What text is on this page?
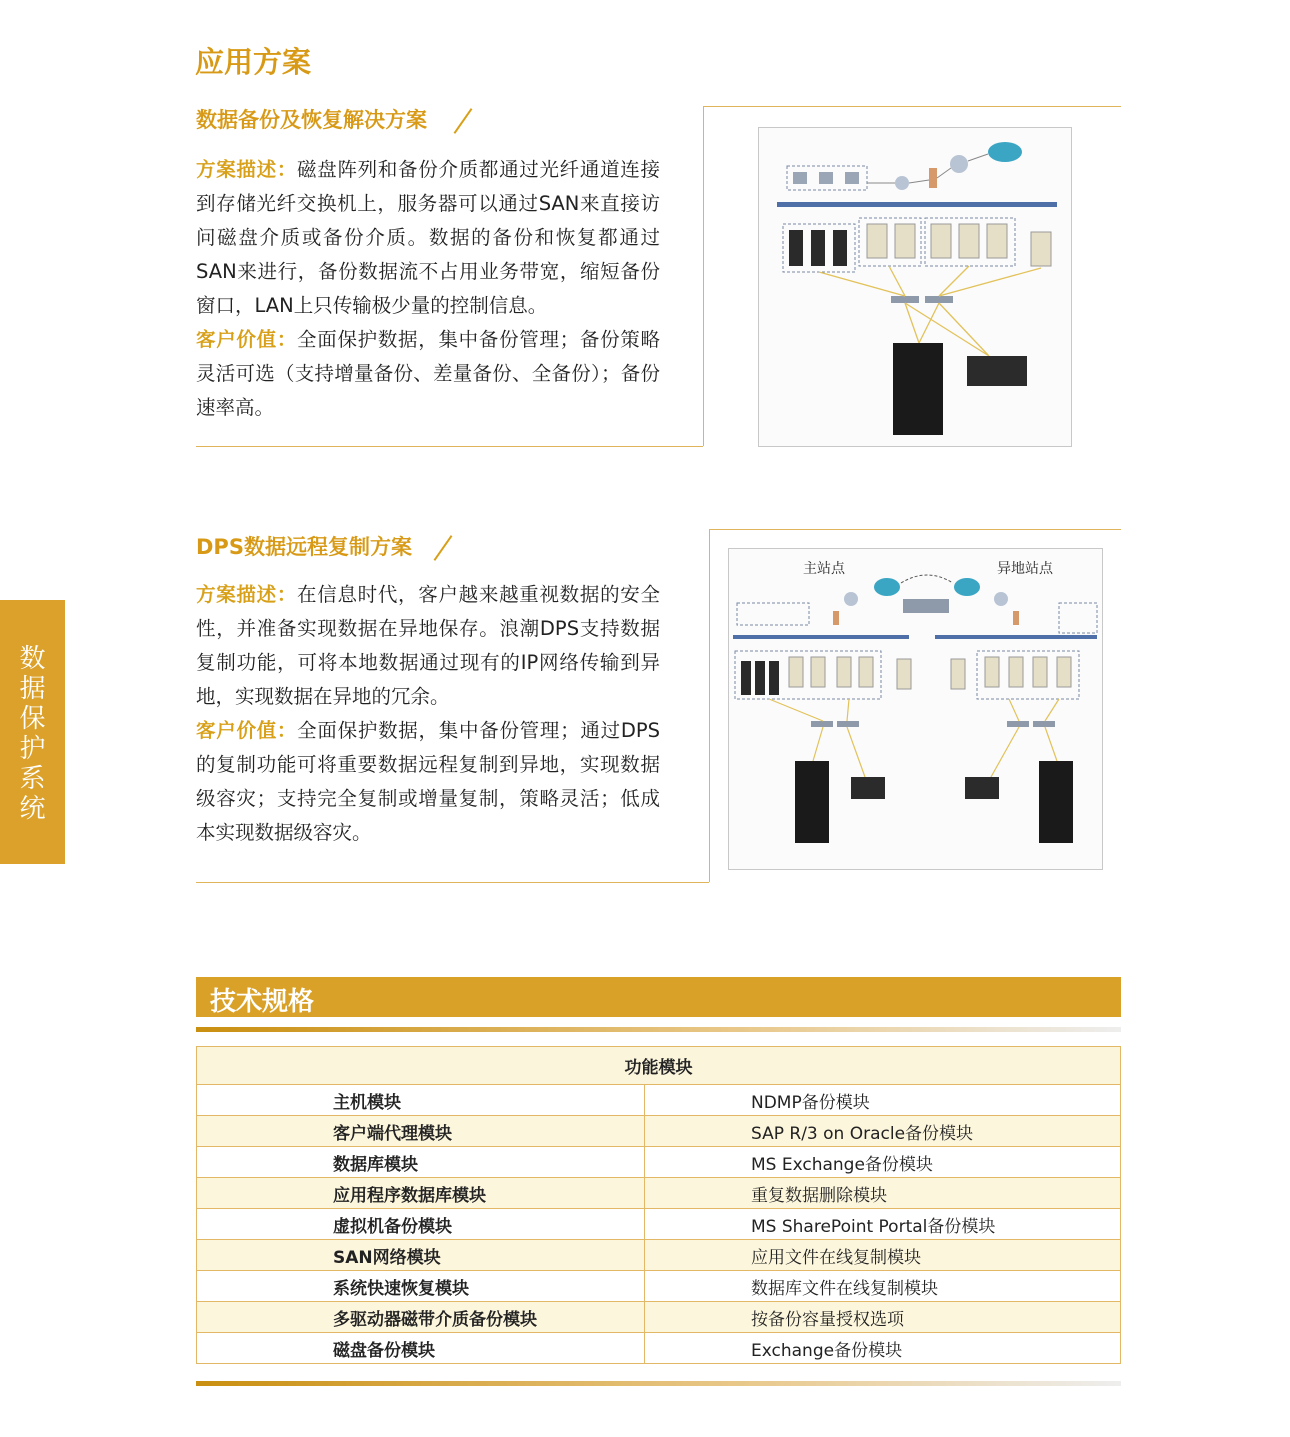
应用方案
数
据
保
护
系
统
数据备份及恢复解决方案
方案描述：磁盘阵列和备份介质都通过光纤通道连接到存储光纤交换机上，服务器可以通过SAN来直接访问磁盘介质或备份介质。数据的备份和恢复都通过SAN来进行，备份数据流不占用业务带宽，缩短备份窗口，LAN上只传输极少量的控制信息。
客户价值：全面保护数据，集中备份管理；备份策略灵活可选（支持增量备份、差量备份、全备份）；备份速率高。
DPS数据远程复制方案
方案描述：在信息时代，客户越来越重视数据的安全性，并准备实现数据在异地保存。浪潮DPS支持数据复制功能，可将本地数据通过现有的IP网络传输到异地，实现数据在异地的冗余。
客户价值：全面保护数据，集中备份管理；通过DPS的复制功能可将重要数据远程复制到异地，实现数据级容灾；支持完全复制或增量复制，策略灵活；低成本实现数据级容灾。
主站点	异地站点
技术规格
功能模块	
主机模块	NDMP备份模块
客户端代理模块	SAP R/3 on Oracle备份模块
数据库模块	MS Exchange备份模块
应用程序数据库模块	重复数据删除模块
虚拟机备份模块	MS SharePoint Portal备份模块
SAN网络模块	应用文件在线复制模块
系统快速恢复模块	数据库文件在线复制模块
多驱动器磁带介质备份模块	按备份容量授权选项
磁盘备份模块	Exchange备份模块
